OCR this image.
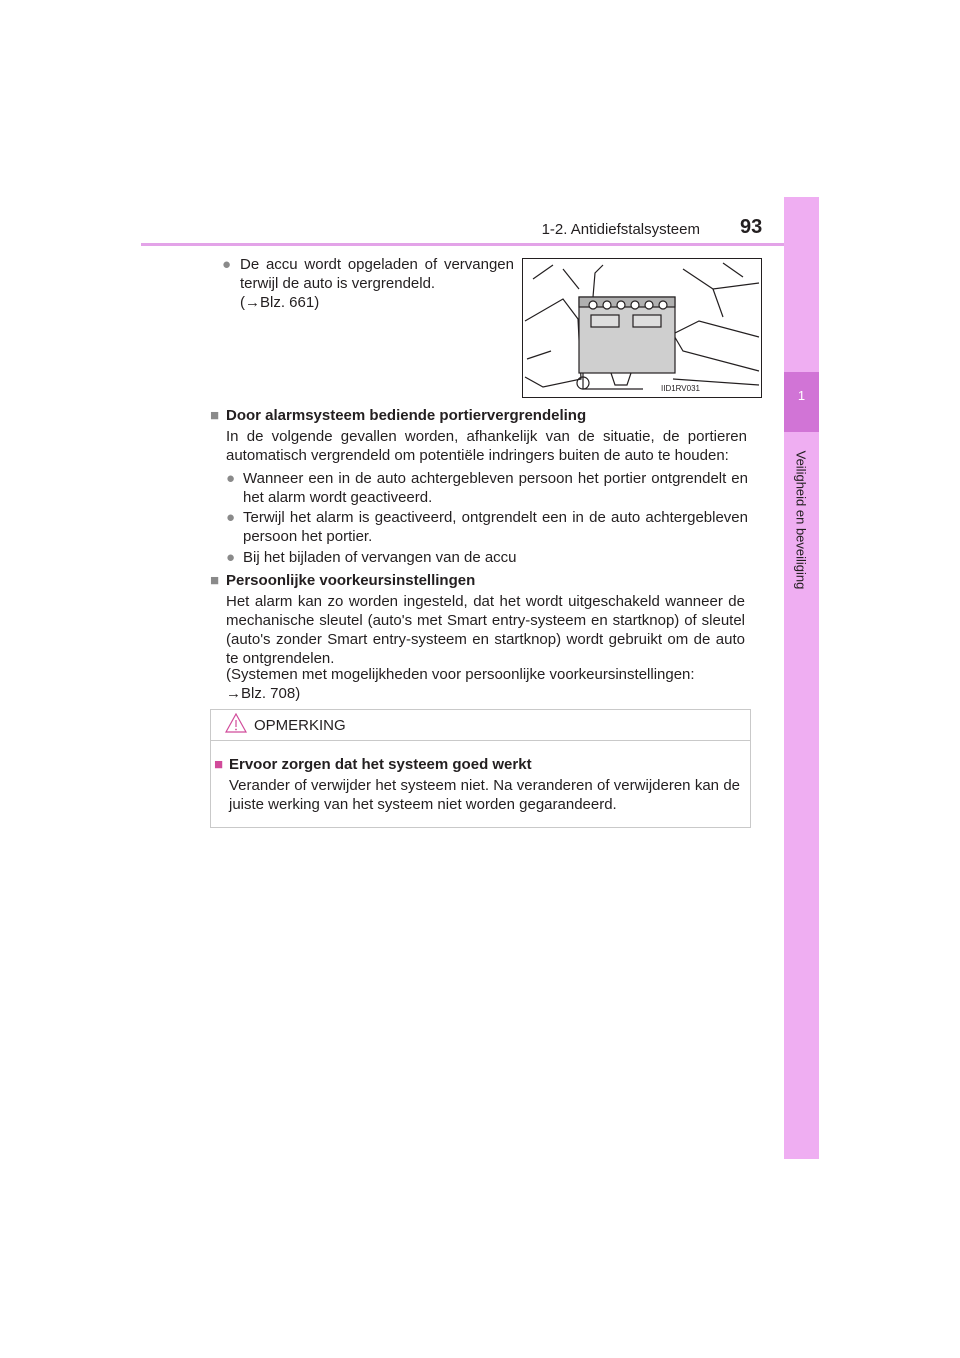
1-2. Antidiefstalsysteem 93
1
Veiligheid en beveiliging
● De accu wordt opgeladen of vervangen
terwijl de auto is vergrendeld.
(→Blz. 661)
IID1RV031
■ Door alarmsysteem bediende portiervergrendeling
In de volgende gevallen worden, afhankelijk van de situatie, de portieren automatisch vergrendeld om potentiële indringers buiten de auto te houden:
● Wanneer een in de auto achtergebleven persoon het portier ontgrendelt en het alarm wordt geactiveerd.
● Terwijl het alarm is geactiveerd, ontgrendelt een in de auto achtergebleven persoon het portier.
● Bij het bijladen of vervangen van de accu
■ Persoonlijke voorkeursinstellingen
Het alarm kan zo worden ingesteld, dat het wordt uitgeschakeld wanneer de mechanische sleutel (auto's met Smart entry-systeem en startknop) of sleutel (auto's zonder Smart entry-systeem en startknop) wordt gebruikt om de auto te ontgrendelen.
(Systemen met mogelijkheden voor persoonlijke voorkeursinstellingen:
→Blz. 708)
OPMERKING
■ Ervoor zorgen dat het systeem goed werkt
Verander of verwijder het systeem niet. Na veranderen of verwijderen kan de juiste werking van het systeem niet worden gegarandeerd.
